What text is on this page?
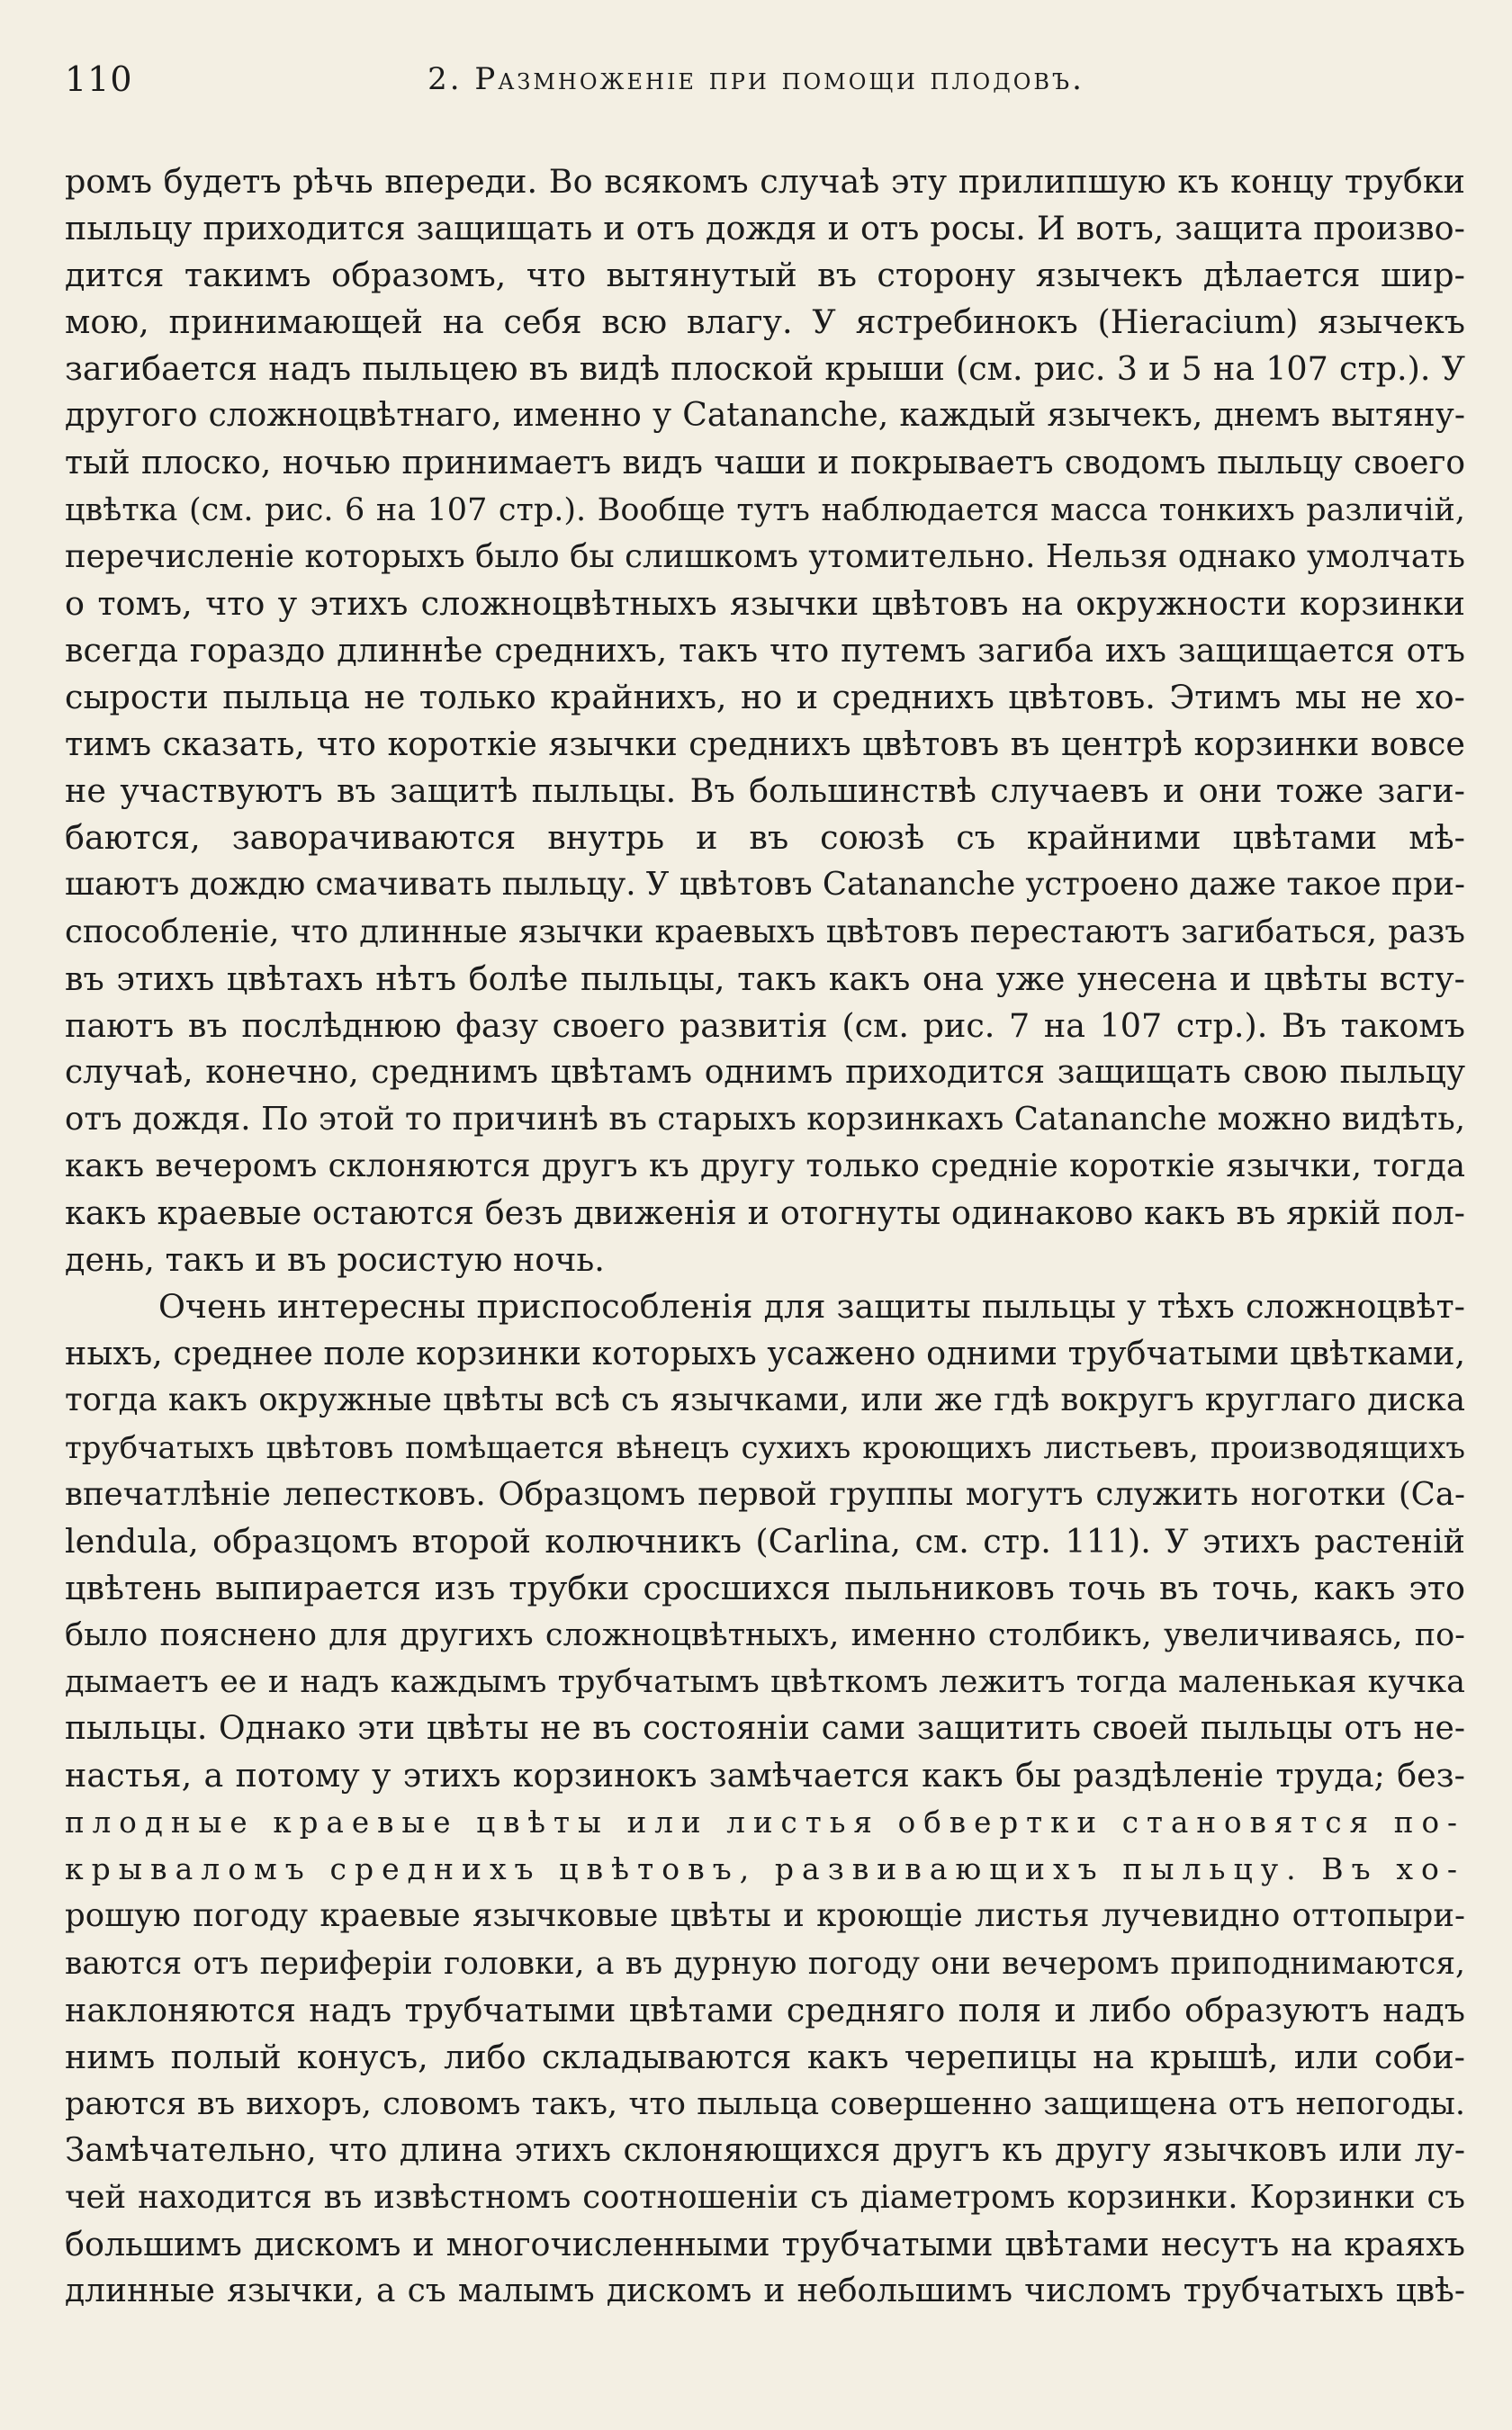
110	2. Размноженіе при помощи плодовъ.
ромъ будетъ рѣчь впереди. Во всякомъ случаѣ эту прилипшую къ концу трубки
пыльцу приходится защищать и отъ дождя и отъ росы. И вотъ, защита произво-
дится такимъ образомъ, что вытянутый въ сторону язычекъ дѣлается шир-
мою, принимающей на себя всю влагу. У ястребинокъ (Hieracium) язычекъ
загибается надъ пыльцею въ видѣ плоской крыши (см. рис. 3 и 5 на 107 стр.). У
другого сложноцвѣтнаго, именно у Catananche, каждый язычекъ, днемъ вытяну-
тый плоско, ночью принимаетъ видъ чаши и покрываетъ сводомъ пыльцу своего
цвѣтка (см. рис. 6 на 107 стр.). Вообще тутъ наблюдается масса тонкихъ различій,
перечисленіе которыхъ было бы слишкомъ утомительно. Нельзя однако умолчать
о томъ, что у этихъ сложноцвѣтныхъ язычки цвѣтовъ на окружности корзинки
всегда гораздо длиннѣе среднихъ, такъ что путемъ загиба ихъ защищается отъ
сырости пыльца не только крайнихъ, но и среднихъ цвѣтовъ. Этимъ мы не хо-
тимъ сказать, что короткіе язычки среднихъ цвѣтовъ въ центрѣ корзинки вовсе
не участвуютъ въ защитѣ пыльцы. Въ большинствѣ случаевъ и они тоже заги-
баются, заворачиваются внутрь и въ союзѣ съ крайними цвѣтами мѣ-
шаютъ дождю смачивать пыльцу. У цвѣтовъ Catananche устроено даже такое при-
способленіе, что длинные язычки краевыхъ цвѣтовъ перестаютъ загибаться, разъ
въ этихъ цвѣтахъ нѣтъ болѣе пыльцы, такъ какъ она уже унесена и цвѣты всту-
паютъ въ послѣднюю фазу своего развитія (см. рис. 7 на 107 стр.). Въ такомъ
случаѣ, конечно, среднимъ цвѣтамъ однимъ приходится защищать свою пыльцу
отъ дождя. По этой то причинѣ въ старыхъ корзинкахъ Catananche можно видѣть,
какъ вечеромъ склоняются другъ къ другу только средніе короткіе язычки, тогда
какъ краевые остаются безъ движенія и отогнуты одинаково какъ въ яркій пол-
день, такъ и въ росистую ночь.
Очень интересны приспособленія для защиты пыльцы у тѣхъ сложноцвѣт-
ныхъ, среднее поле корзинки которыхъ усажено одними трубчатыми цвѣтками,
тогда какъ окружные цвѣты всѣ съ язычками, или же гдѣ вокругъ круглаго диска
трубчатыхъ цвѣтовъ помѣщается вѣнецъ сухихъ кроющихъ листьевъ, производящихъ
впечатлѣніе лепестковъ. Образцомъ первой группы могутъ служить ноготки (Ca-
lendula, образцомъ второй колючникъ (Carlina, см. стр. 111). У этихъ растеній
цвѣтень выпирается изъ трубки сросшихся пыльниковъ точь въ точь, какъ это
было пояснено для другихъ сложноцвѣтныхъ, именно столбикъ, увеличиваясь, по-
дымаетъ ее и надъ каждымъ трубчатымъ цвѣткомъ лежитъ тогда маленькая кучка
пыльцы. Однако эти цвѣты не въ состояніи сами защитить своей пыльцы отъ не-
настья, а потому у этихъ корзинокъ замѣчается какъ бы раздѣленіе труда; без-
плодные краевые цвѣты или листья обвертки становятся по-
крываломъ среднихъ цвѣтовъ, развивающихъ пыльцу. Въ хо-
рошую погоду краевые язычковые цвѣты и кроющіе листья лучевидно оттопыри-
ваются отъ периферіи головки, а въ дурную погоду они вечеромъ приподнимаются,
наклоняются надъ трубчатыми цвѣтами средняго поля и либо образуютъ надъ
нимъ полый конусъ, либо складываются какъ черепицы на крышѣ, или соби-
раются въ вихоръ, словомъ такъ, что пыльца совершенно защищена отъ непогоды.
Замѣчательно, что длина этихъ склоняющихся другъ къ другу язычковъ или лу-
чей находится въ извѣстномъ соотношеніи съ діаметромъ корзинки. Корзинки съ
большимъ дискомъ и многочисленными трубчатыми цвѣтами несутъ на краяхъ
длинные язычки, а съ малымъ дискомъ и небольшимъ числомъ трубчатыхъ цвѣ-
